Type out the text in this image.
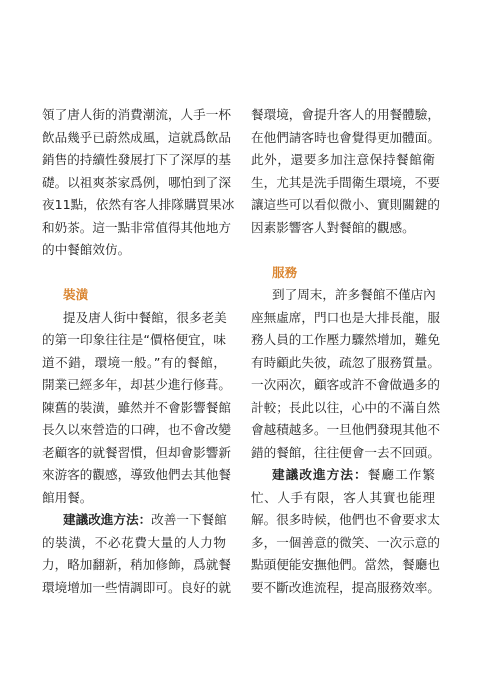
領了唐人街的消費潮流，人手一杯
飲品幾乎已蔚然成風，這就爲飲品
銷售的持續性發展打下了深厚的基
礎。以祖爽茶家爲例，哪怕到了深
夜11點，依然有客人排隊購買果冰
和奶茶。這一點非常值得其他地方
的中餐館效仿。
裝潢
提及唐人街中餐館，很多老美
的第一印象往往是“價格便宜，味
道不錯，環境一般。”有的餐館，
開業已經多年，却甚少進行修葺。
陳舊的裝潢，雖然并不會影響餐館
長久以來營造的口碑，也不會改變
老顧客的就餐習慣，但却會影響新
來游客的觀感，導致他們去其他餐
館用餐。
建議改進方法：改善一下餐館
的裝潢，不必花費大量的人力物
力，略加翻新，稍加修飾，爲就餐
環境增加一些情調即可。良好的就
餐環境，會提升客人的用餐體驗，
在他們請客時也會覺得更加體面。
此外，還要多加注意保持餐館衛
生，尤其是洗手間衛生環境，不要
讓這些可以看似微小、實則關鍵的
因素影響客人對餐館的觀感。
服務
到了周末，許多餐館不僅店內
座無虛席，門口也是大排長龍，服
務人員的工作壓力驟然增加，難免
有時顧此失彼，疏忽了服務質量。
一次兩次，顧客或許不會做過多的
計較；長此以往，心中的不滿自然
會越積越多。一旦他們發現其他不
錯的餐館，往往便會一去不回頭。
建議改進方法：餐廳工作繁
忙、人手有限，客人其實也能理
解。很多時候，他們也不會要求太
多，一個善意的微笑、一次示意的
點頭便能安撫他們。當然，餐廳也
要不斷改進流程，提高服務效率。
